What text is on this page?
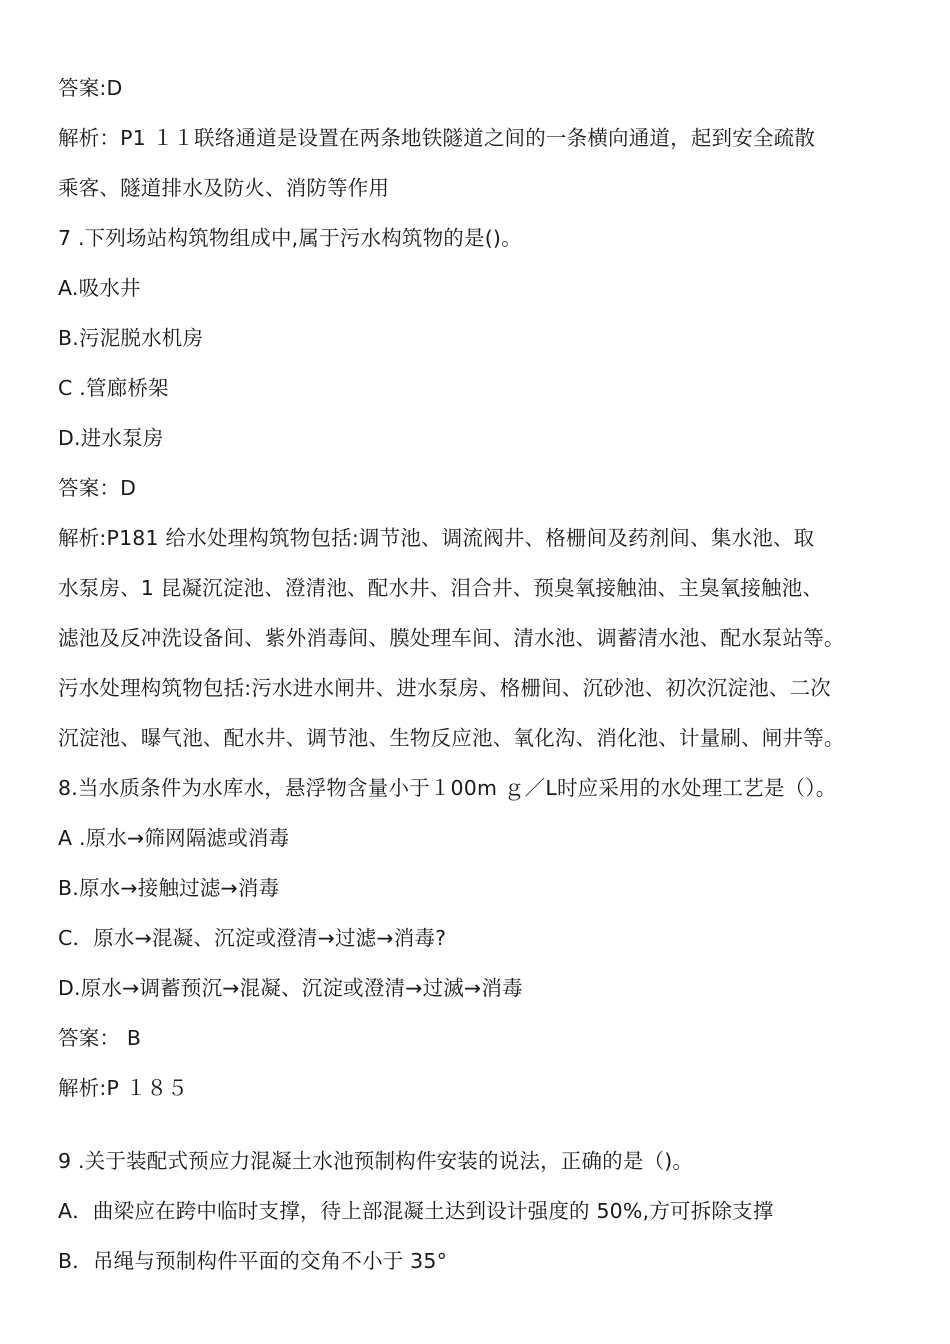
答案:D
解析：P1 １１联络通道是设置在两条地铁隧道之间的一条横向通道，起到安全疏散
乘客、隧道排水及防火、消防等作用
7 .下列场站构筑物组成中,属于污水构筑物的是()。
A.吸水井
B.污泥脱水机房
C .管廊桥架
D.进水泵房
答案：D
解析:P181 给水处理构筑物包括:调节池、调流阀井、格栅间及药剂间、集水池、取
水泵房、1 昆凝沉淀池、澄清池、配水井、泪合井、预臭氧接触油、主臭氧接触池、
滤池及反冲洗设备间、紫外消毒间、膜处理车间、清水池、调蓄清水池、配水泵站等。
污水处理构筑物包括:污水进水闸井、进水泵房、格栅间、沉砂池、初次沉淀池、二次
沉淀池、曝气池、配水井、调节池、生物反应池、氧化沟、消化池、计量刷、闸井等。
8.当水质条件为水库水，悬浮物含量小于１00m ｇ／L时应采用的水处理工艺是（）。
A .原水→筛网隔滤或消毒
B.原水→接触过滤→消毒
C．原水→混凝、沉淀或澄清→过滤→消毒?
D.原水→调蓄预沉→混凝、沉淀或澄清→过滅→消毒
答案： B
解析:P １８５
9 .关于装配式预应力混凝土水池预制构件安装的说法，正确的是（)。
A．曲梁应在跨中临时支撑，待上部混凝土达到设计强度的 50%,方可拆除支撑
B．吊绳与预制构件平面的交角不小于 35°
